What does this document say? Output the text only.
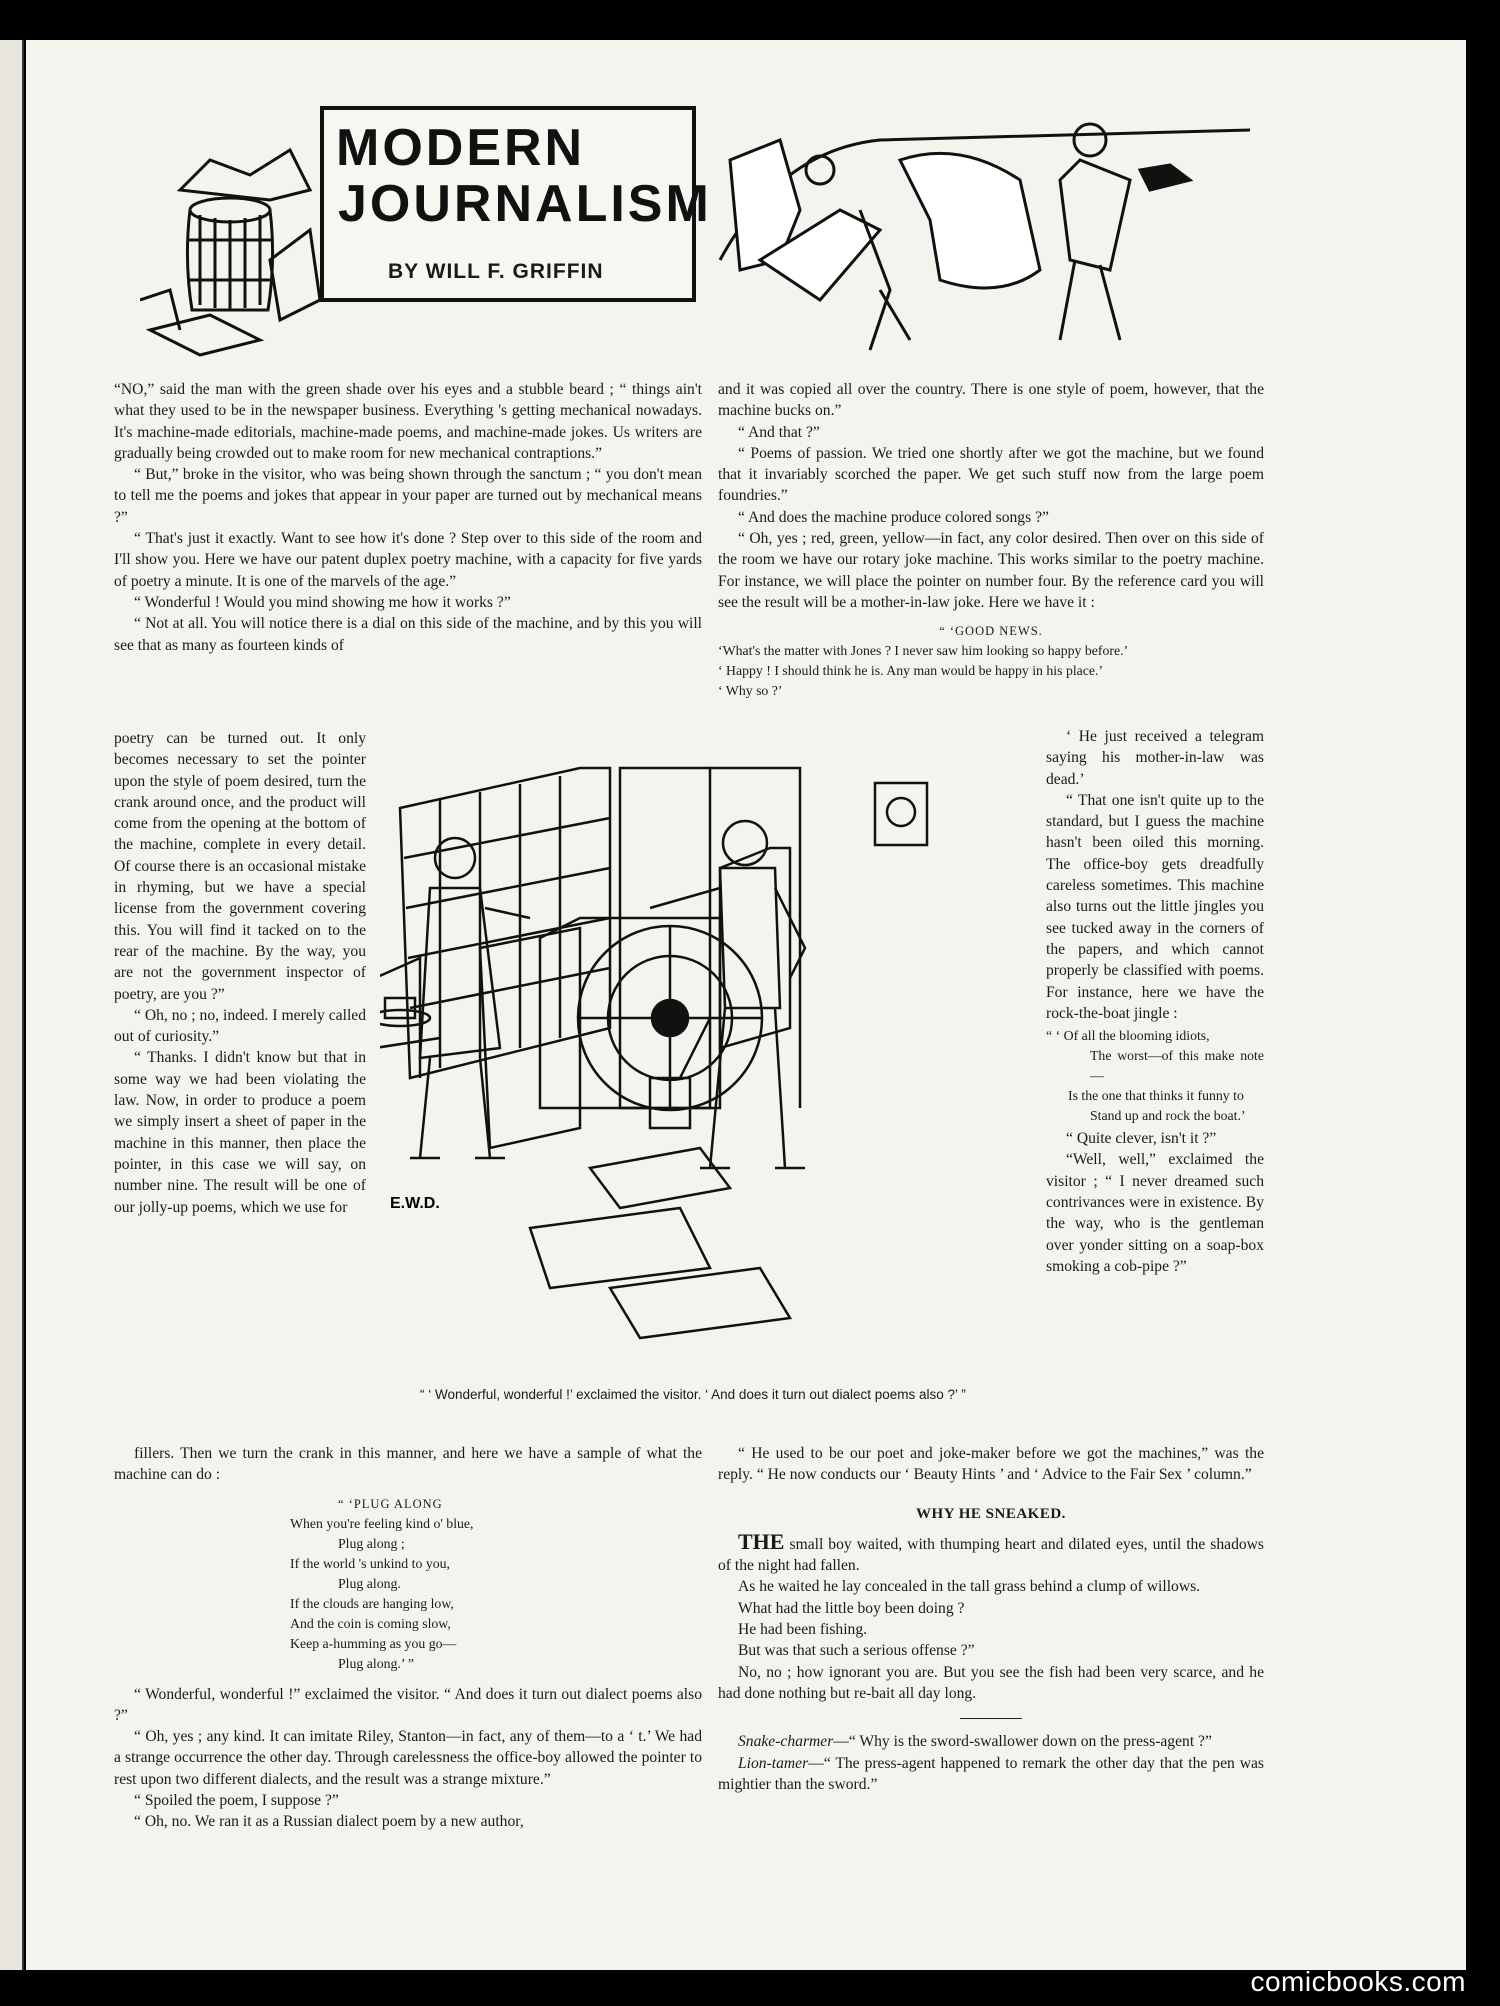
MODERN
JOURNALISM
BY WILL F. GRIFFIN

“NO,” said the man with the green shade over his eyes and a stubble beard ; “ things ain't what they used to be in the newspaper business. Everything 's getting mechanical nowadays. It's machine-made editorials, machine-made poems, and machine-made jokes. Us writers are gradually being crowded out to make room for new mechanical contraptions.”

“ But,” broke in the visitor, who was being shown through the sanctum ; “ you don't mean to tell me the poems and jokes that appear in your paper are turned out by mechanical means ?”

“ That's just it exactly. Want to see how it's done ? Step over to this side of the room and I'll show you. Here we have our patent duplex poetry machine, with a capacity for five yards of poetry a minute. It is one of the marvels of the age.”

“ Wonderful ! Would you mind showing me how it works ?”

“ Not at all. You will notice there is a dial on this side of the machine, and by this you will see that as many as fourteen kinds of

poetry can be turned out. It only becomes necessary to set the pointer upon the style of poem desired, turn the crank around once, and the product will come from the opening at the bottom of the machine, complete in every detail. Of course there is an occasional mistake in rhyming, but we have a special license from the government covering this. You will find it tacked on to the rear of the machine. By the way, you are not the government inspector of poetry, are you ?”

“ Oh, no ; no, indeed. I merely called out of curiosity.”

“ Thanks. I didn't know but that in some way we had been violating the law. Now, in order to produce a poem we simply insert a sheet of paper in the machine in this manner, then place the pointer, in this case we will say, on number nine. The result will be one of our jolly-up poems, which we use for

and it was copied all over the country. There is one style of poem, however, that the machine bucks on.”

“ And that ?”

“ Poems of passion. We tried one shortly after we got the machine, but we found that it invariably scorched the paper. We get such stuff now from the large poem foundries.”

“ And does the machine produce colored songs ?”

“ Oh, yes ; red, green, yellow—in fact, any color desired. Then over on this side of the room we have our rotary joke machine. This works similar to the poetry machine. For instance, we will place the pointer on number four. By the reference card you will see the result will be a mother-in-law joke. Here we have it :

“ ‘GOOD NEWS.
‘What's the matter with Jones ? I never saw him looking so happy before.’
‘ Happy ! I should think he is. Any man would be happy in his place.’
‘ Why so ?’

‘ He just received a telegram saying his mother-in-law was dead.’

“ That one isn't quite up to the standard, but I guess the machine hasn't been oiled this morning. The office-boy gets dreadfully careless sometimes. This machine also turns out the little jingles you see tucked away in the corners of the papers, and which cannot properly be classified with poems. For instance, here we have the rock-the-boat jingle :

“ ‘ Of all the blooming idiots,
The worst—of this make note—
Is the one that thinks it funny to
Stand up and rock the boat.’

“ Quite clever, isn't it ?”

“Well, well,” exclaimed the visitor ; “ I never dreamed such contrivances were in existence. By the way, who is the gentleman over yonder sitting on a soap-box smoking a cob-pipe ?”

E.W.D.
“ ‘ Wonderful, wonderful !’ exclaimed the visitor. ‘ And does it turn out dialect poems also ?’ ”

fillers. Then we turn the crank in this manner, and here we have a sample of what the machine can do :

“ ‘PLUG ALONG
When you're feeling kind o' blue,
Plug along ;
If the world 's unkind to you,
Plug along.
If the clouds are hanging low,
And the coin is coming slow,
Keep a-humming as you go—
Plug along.’ ”

“ Wonderful, wonderful !” exclaimed the visitor. “ And does it turn out dialect poems also ?”

“ Oh, yes ; any kind. It can imitate Riley, Stanton—in fact, any of them—to a ‘ t.’ We had a strange occurrence the other day. Through carelessness the office-boy allowed the pointer to rest upon two different dialects, and the result was a strange mixture.”

“ Spoiled the poem, I suppose ?”

“ Oh, no. We ran it as a Russian dialect poem by a new author,

“ He used to be our poet and joke-maker before we got the machines,” was the reply. “ He now conducts our ‘ Beauty Hints ’ and ‘ Advice to the Fair Sex ’ column.”

WHY HE SNEAKED.

THE small boy waited, with thumping heart and dilated eyes, until the shadows of the night had fallen.

As he waited he lay concealed in the tall grass behind a clump of willows.

What had the little boy been doing ?

He had been fishing.

But was that such a serious offense ?”

No, no ; how ignorant you are. But you see the fish had been very scarce, and he had done nothing but re-bait all day long.

Snake-charmer—“ Why is the sword-swallower down on the press-agent ?”

Lion-tamer—“ The press-agent happened to remark the other day that the pen was mightier than the sword.”

comicbooks.com
